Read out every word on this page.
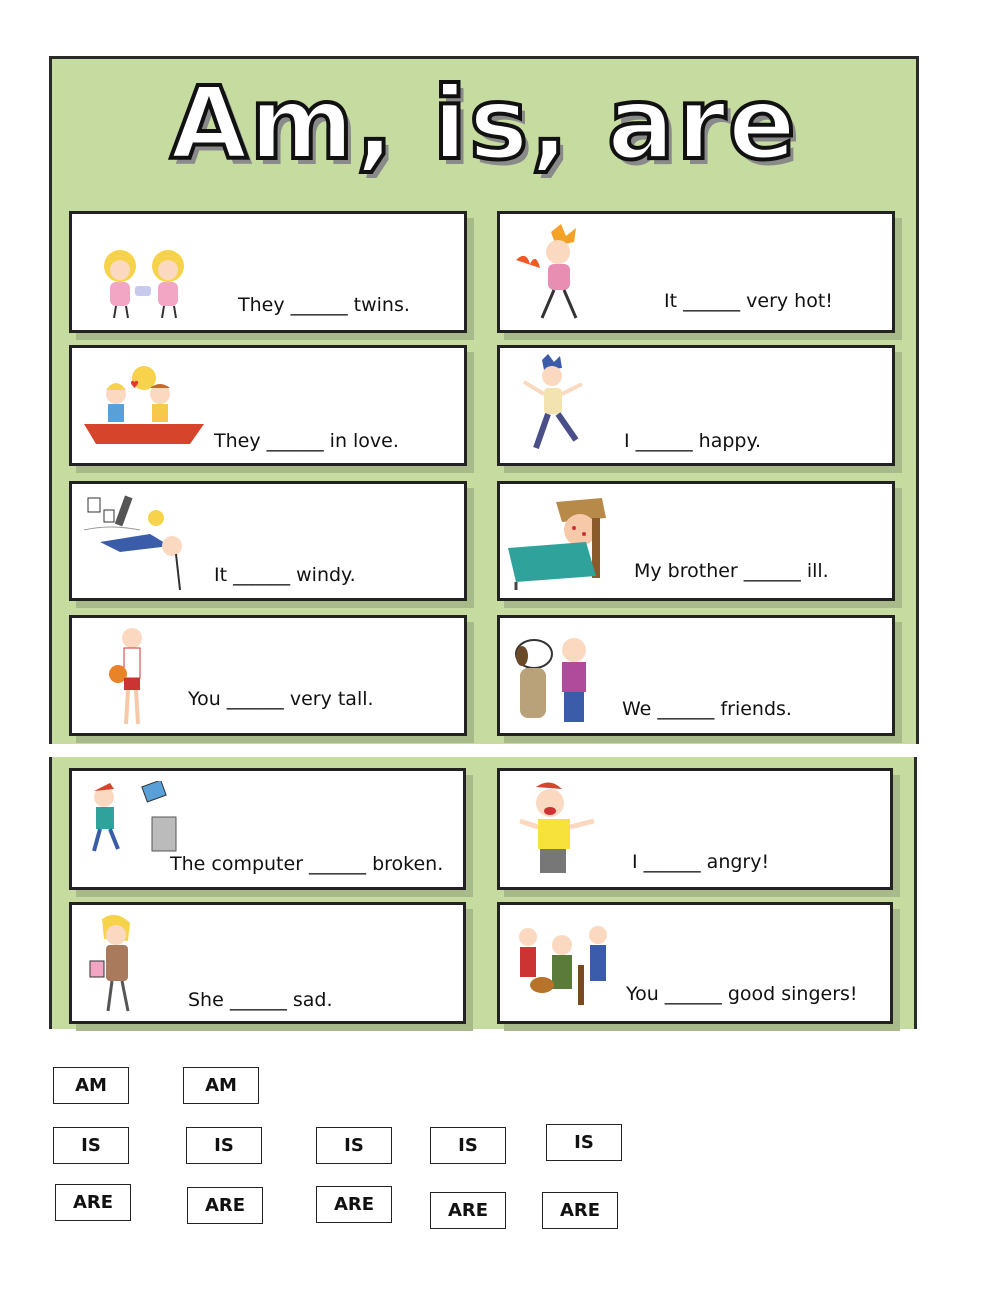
Am, is, are
They ______ twins.	It ______ very hot!
♥
They ______ in love.	I ______ happy.
It ______ windy.	My brother ______ ill.
You ______ very tall.	We ______ friends.
The computer ______ broken.	I ______ angry!
She ______ sad.	You ______ good singers!
AM	AM
IS	IS	IS	IS	IS
ARE	ARE	ARE	ARE	ARE
